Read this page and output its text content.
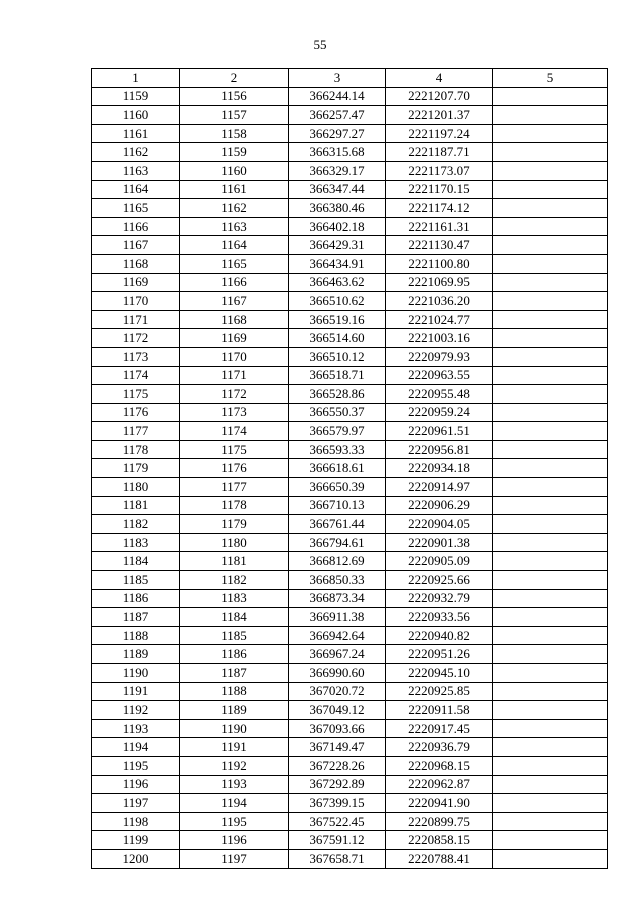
55
1	2	3	4	5
1159	1156	366244.14	2221207.70	
1160	1157	366257.47	2221201.37	
1161	1158	366297.27	2221197.24	
1162	1159	366315.68	2221187.71	
1163	1160	366329.17	2221173.07	
1164	1161	366347.44	2221170.15	
1165	1162	366380.46	2221174.12	
1166	1163	366402.18	2221161.31	
1167	1164	366429.31	2221130.47	
1168	1165	366434.91	2221100.80	
1169	1166	366463.62	2221069.95	
1170	1167	366510.62	2221036.20	
1171	1168	366519.16	2221024.77	
1172	1169	366514.60	2221003.16	
1173	1170	366510.12	2220979.93	
1174	1171	366518.71	2220963.55	
1175	1172	366528.86	2220955.48	
1176	1173	366550.37	2220959.24	
1177	1174	366579.97	2220961.51	
1178	1175	366593.33	2220956.81	
1179	1176	366618.61	2220934.18	
1180	1177	366650.39	2220914.97	
1181	1178	366710.13	2220906.29	
1182	1179	366761.44	2220904.05	
1183	1180	366794.61	2220901.38	
1184	1181	366812.69	2220905.09	
1185	1182	366850.33	2220925.66	
1186	1183	366873.34	2220932.79	
1187	1184	366911.38	2220933.56	
1188	1185	366942.64	2220940.82	
1189	1186	366967.24	2220951.26	
1190	1187	366990.60	2220945.10	
1191	1188	367020.72	2220925.85	
1192	1189	367049.12	2220911.58	
1193	1190	367093.66	2220917.45	
1194	1191	367149.47	2220936.79	
1195	1192	367228.26	2220968.15	
1196	1193	367292.89	2220962.87	
1197	1194	367399.15	2220941.90	
1198	1195	367522.45	2220899.75	
1199	1196	367591.12	2220858.15	
1200	1197	367658.71	2220788.41	
